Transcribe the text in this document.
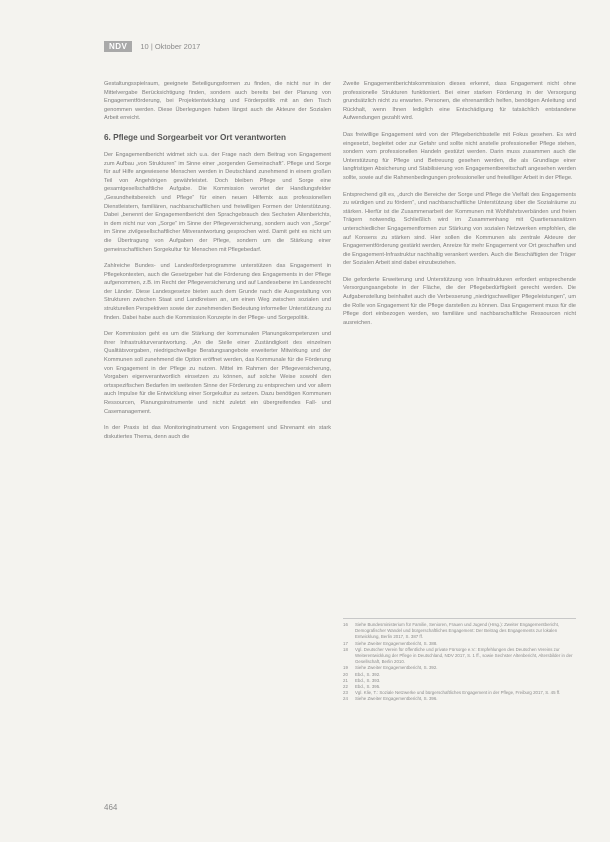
NDV	10 | Oktober 2017

Gestaltungsspielraum, geeignete Beteiligungsformen zu finden, die nicht nur in der Mittelvergabe Berücksichtigung finden, sondern auch bereits bei der Planung von Engagementförderung, bei Projektentwicklung und Förderpolitik mit an den Tisch genommen werden. Diese Überlegungen haben längst auch die Akteure der Sozialen Arbeit erreicht.

6. Pflege und Sorgearbeit vor Ort verantworten

Der Engagementbericht widmet sich u.a. der Frage nach dem Beitrag von Engagement zum Aufbau „von Strukturen“ im Sinne einer „sorgenden Gemeinschaft“. Pflege und Sorge für auf Hilfe angewiesene Menschen werden in Deutschland zunehmend in einem großen Teil von Angehörigen gewährleistet. Doch bleiben Pflege und Sorge eine gesamtgesellschaftliche Aufgabe. Die Kommission verortet der Handlungsfelder „Gesundheitsbereich und Pflege“ für einen neuen Hilfemix aus professionellen Dienstleistern, familiären, nachbarschaftlichen und freiwilligen Formen der Unterstützung. Dabei „benennt der Engagementbericht den Sprachgebrauch des Sechsten Altenberichts, in dem nicht nur von „Sorge“ im Sinne der Pflegeversicherung, sondern auch von „Sorge“ im Sinne zivilgesellschaftlicher Mitverantwortung gesprochen wird. Damit geht es nicht um die Übertragung von Aufgaben der Pflege, sondern um die Stärkung einer gemeinschaftlichen Sorgekultur für Menschen mit Pflegebedarf.

Zahlreiche Bundes- und Landesförderprogramme unterstützen das Engagement in Pflegekontexten, auch die Gesetzgeber hat die Förderung des Engagements in der Pflege aufgenommen, z.B. im Recht der Pflegeversicherung und auf Landesebene im Landesrecht der Länder. Diese Landesgesetze bieten auch dem Grunde nach die Ausgestaltung von Strukturen zwischen Staat und Landkreisen an, um einen Weg zwischen sozialen und strukturellen Perspektiven sowie der zunehmenden Bedeutung informeller Unterstützung zu finden. Dabei habe auch die Kommission Konzepte in der Pflege- und Sorgepolitik.

Der Kommission geht es um die Stärkung der kommunalen Planungskompetenzen und ihrer Infrastrukturverantwortung. „An die Stelle einer Zuständigkeit des einzelnen Qualitätsvorgaben, niedrigschwellige Beratungsangebote erweiterter Mitwirkung und der Kommunen soll zunehmend die Option eröffnet werden, das Kommunale für die Förderung von Engagement in der Pflege zu nutzen. Mittel im Rahmen der Pflegeversicherung, Vorgaben eigenverantwortlich einsetzen zu können, auf solche Weise sowohl den ortsspezifischen Bedarfen im weitesten Sinne der Förderung zu entsprechen und vor allem auch Impulse für die Entwicklung einer Sorgekultur zu setzen. Dazu benötigen Kommunen Ressourcen, Planungsinstrumente und nicht zuletzt ein übergreifendes Fall- und Casemanagement.

In der Praxis ist das Monitoringinstrument von Engagement und Ehrenamt ein stark diskutiertes Thema, denn auch die

Zweite Engagementberichtskommission dieses erkennt, dass Engagement nicht ohne professionelle Strukturen funktioniert. Bei einer starken Förderung in der Versorgung grundsätzlich nicht zu erwarten. Personen, die ehrenamtlich helfen, benötigen Anleitung und Rückhalt, wenn Ihnen lediglich eine Entschädigung für tatsächlich entstandene Aufwendungen gezahlt wird.

Das freiwillige Engagement wird von der Pflegeberichtsstelle mit Fokus gesehen. Es wird eingesetzt, begleitet oder zur Gefahr und sollte nicht anstelle professioneller Pflege stehen, sondern vom professionellen Handeln gestützt werden. Darin muss zusammen auch die Unterstützung für Pflege und Betreuung gesehen werden, die als Grundlage einer langfristigen Absicherung und Stabilisierung von Engagementbereitschaft angesehen werden sollte, sowie auf die Rahmenbedingungen professioneller und freiwilliger Arbeit in der Pflege.

Entsprechend gilt es, „durch die Bereiche der Sorge und Pflege die Vielfalt des Engagements zu würdigen und zu fördern“, und nachbarschaftliche Unterstützung über die Sozialräume zu stärken. Hierfür ist die Zusammenarbeit der Kommunen mit Wohlfahrtsverbänden und freien Trägern notwendig. Schließlich wird im Zusammenhang mit Quartiersansätzen unterschiedlicher Engagementformen zur Stärkung von sozialen Netzwerken empfohlen, die auf Konsens zu stärken sind. Hier sollen die Kommunen als zentrale Akteure der Engagementförderung gestärkt werden, Anreize für mehr Engagement vor Ort geschaffen und die Engagement-Infrastruktur nachhaltig verankert werden. Auch die Beschäftigten der Träger der Sozialen Arbeit sind dabei einzubeziehen.

Die geforderte Erweiterung und Unterstützung von Infrastrukturen erfordert entsprechende Versorgungsangebote in der Fläche, die der Pflegebedürftigkeit gerecht werden. Die Aufgabenstellung beinhaltet auch die Verbesserung „niedrigschwelliger Pflegeleistungen“, um die Rolle von Engagement für die Pflege darstellen zu können. Das Engagement muss für die Pflege dort einbezogen werden, wo familiäre und nachbarschaftliche Ressourcen nicht ausreichen.

16	Siehe Bundesministerium für Familie, Senioren, Frauen und Jugend (Hrsg.): Zweiter Engagementbericht, Demografischer Wandel und bürgerschaftliches Engagement: Der Beitrag des Engagements zur lokalen Entwicklung, Berlin 2017, S. 387 ff.
17	Siehe Zweiter Engagementbericht, S. 388.
18	Vgl. Deutscher Verein für öffentliche und private Fürsorge e.V.: Empfehlungen des Deutschen Vereins zur Weiterentwicklung der Pflege in Deutschland, NDV 2017, S. 1 ff., sowie Sechster Altenbericht, Altersbilder in der Gesellschaft, Berlin 2010.
19	Siehe Zweiter Engagementbericht, S. 392.
20	Ebd., S. 392.
21	Ebd., S. 393.
22	Ebd., S. 395.
23	Vgl. Klie, T.: Soziale Netzwerke und bürgerschaftliches Engagement in der Pflege, Freiburg 2017, S. 45 ff.
24	Siehe Zweiter Engagementbericht, S. 396.
464
